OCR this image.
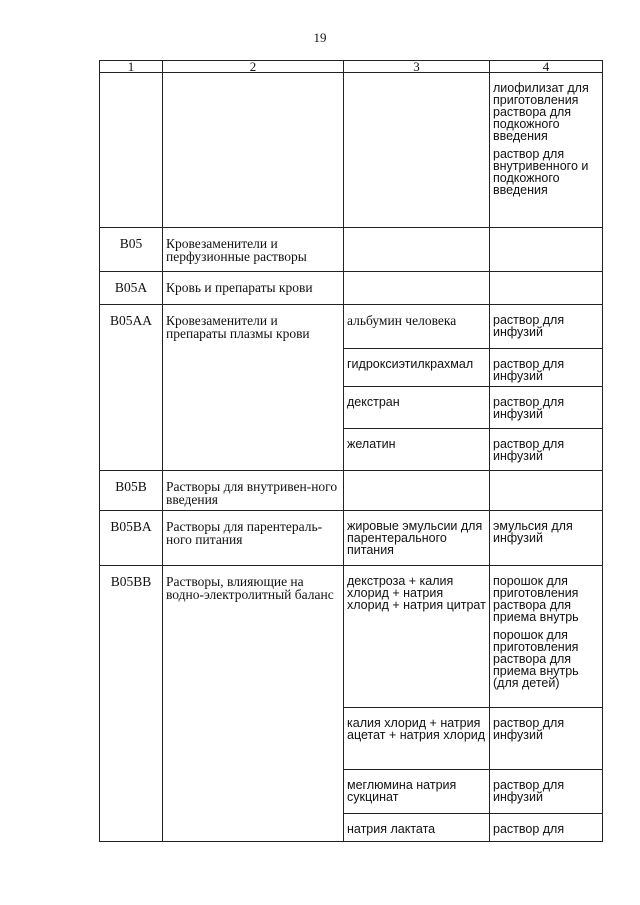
19
1	2	3	4

			лиофилизат для приготовления раствора для подкожного введения
раствор для внутривенного и подкожного введения

B05	Кровезаменители и перфузионные растворы		
B05A	Кровь и препараты крови		
B05AA	Кровезаменители и препараты плазмы крови	альбумин человека	раствор для инфузий
		гидроксиэтилкрахмал	раствор для инфузий
		декстран	раствор для инфузий
		желатин	раствор для инфузий
B05B	Растворы для внутривен-ного введения		
B05BA	Растворы для парентераль-ного питания	жировые эмульсии для парентерального питания	эмульсия для инфузий
B05BB	Растворы, влияющие на водно-электролитный баланс	декстроза + калия хлорид + натрия хлорид + натрия цитрат	порошок для приготовления раствора для приема внутрь
порошок для приготовления раствора для приема внутрь (для детей)

		калия хлорид + натрия ацетат + натрия хлорид	раствор для инфузий
		меглюмина натрия сукцинат	раствор для инфузий
		натрия лактата	раствор для
